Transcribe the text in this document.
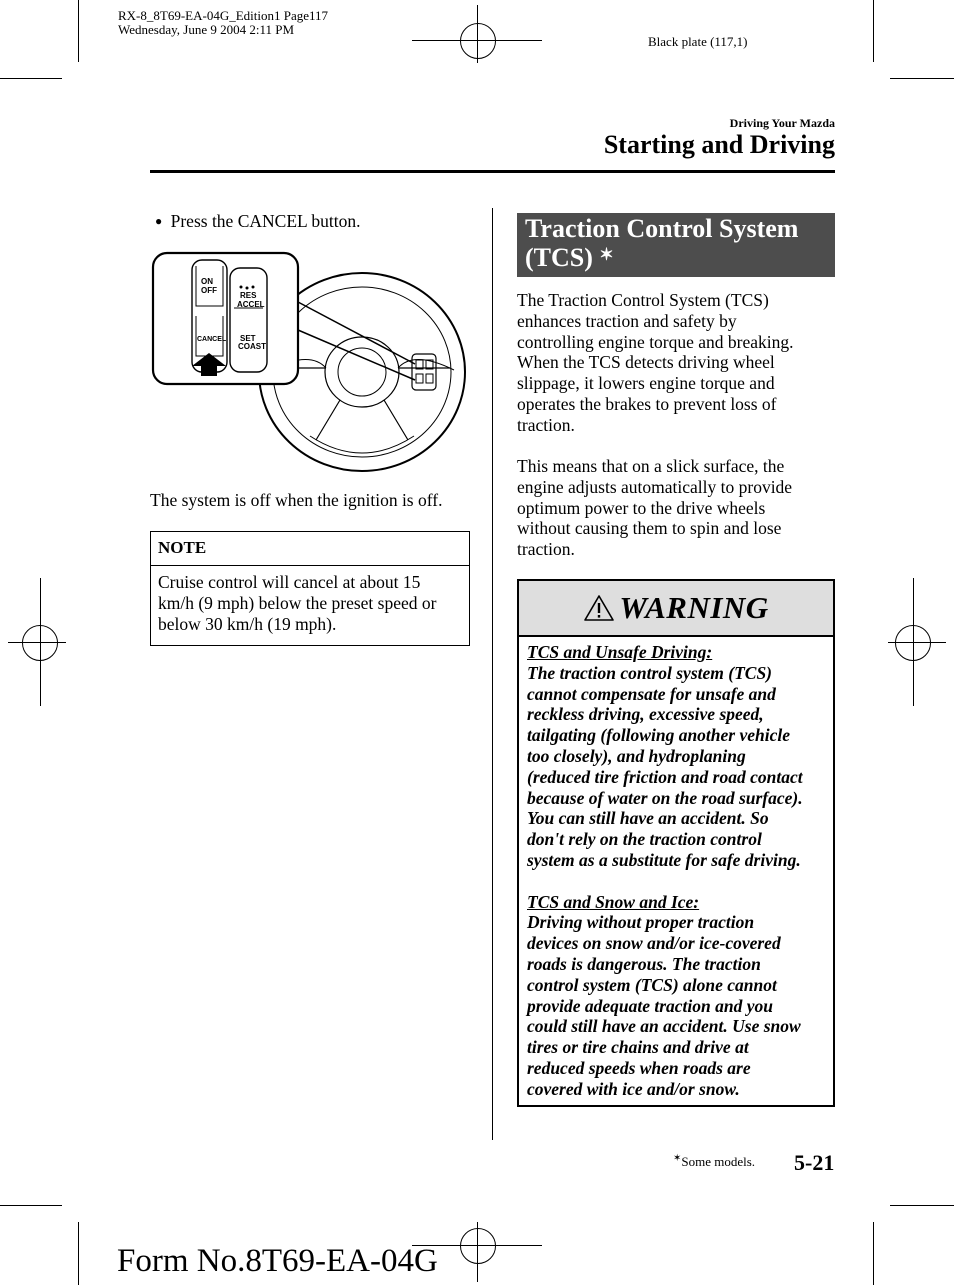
RX-8_8T69-EA-04G_Edition1 Page117
Wednesday, June 9 2004 2:11 PM
Black plate (117,1)
Driving Your Mazda
Starting and Driving
● Press the CANCEL button.
ON
OFF
RES
ACCEL
CANCEL SET
COAST
The system is off when the ignition is off.
NOTE
Cruise control will cancel at about 15
km/h (9 mph) below the preset speed or
below 30 km/h (19 mph).
Traction Control System
(TCS) ✶
The Traction Control System (TCS)
enhances traction and safety by
controlling engine torque and breaking.
When the TCS detects driving wheel
slippage, it lowers engine torque and
operates the brakes to prevent loss of
traction.
This means that on a slick surface, the
engine adjusts automatically to provide
optimum power to the drive wheels
without causing them to spin and lose
traction.
WARNING
TCS and Unsafe Driving:
The traction control system (TCS)
cannot compensate for unsafe and
reckless driving, excessive speed,
tailgating (following another vehicle
too closely), and hydroplaning
(reduced tire friction and road contact
because of water on the road surface).
You can still have an accident. So
don't rely on the traction control
system as a substitute for safe driving.
TCS and Snow and Ice:
Driving without proper traction
devices on snow and/or ice-covered
roads is dangerous. The traction
control system (TCS) alone cannot
provide adequate traction and you
could still have an accident. Use snow
tires or tire chains and drive at
reduced speeds when roads are
covered with ice and/or snow.
✶Some models. 5-21
Form No.8T69-EA-04G
